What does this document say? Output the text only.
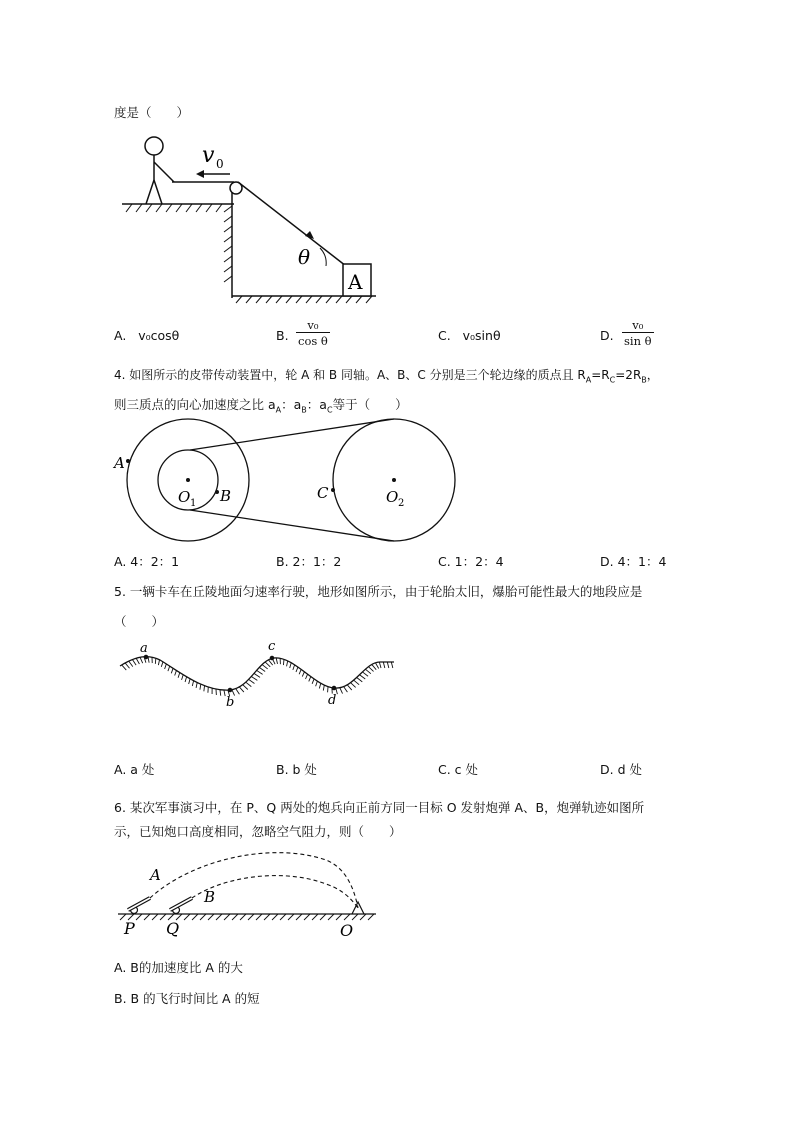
度是（　　）
v 0
θ
A
A. v₀cosθ	B. $\frac{\text{v₀}}{\text{cos θ}}$	C. v₀sinθ	D. $\frac{\text{v₀}}{\text{sin θ}}$
4. 如图所示的皮带传动装置中，轮 A 和 B 同轴。A、B、C 分别是三个轮边缘的质点且 $R_A=R_C=2R_B$，
则三质点的向心加速度之比 $a_A$：$a_B$：$a_C$等于（　　）
A
B	C
O 1	O 2
A. 4：2：1	B. 2：1：2	C. 1：2：4	D. 4：1：4
5. 一辆卡车在丘陵地面匀速率行驶，地形如图所示，由于轮胎太旧，爆胎可能性最大的地段应是
（　　）
a
b
c
d
A. a 处	B. b 处	C. c 处	D. d 处
6. 某次军事演习中，在 P、Q 两处的炮兵向正前方同一目标 O 发射炮弹 A、B，炮弹轨迹如图所
示，已知炮口高度相同，忽略空气阻力，则（　　）
A
B
P Q	O
A. B的加速度比 A 的大
B. B 的飞行时间比 A 的短
